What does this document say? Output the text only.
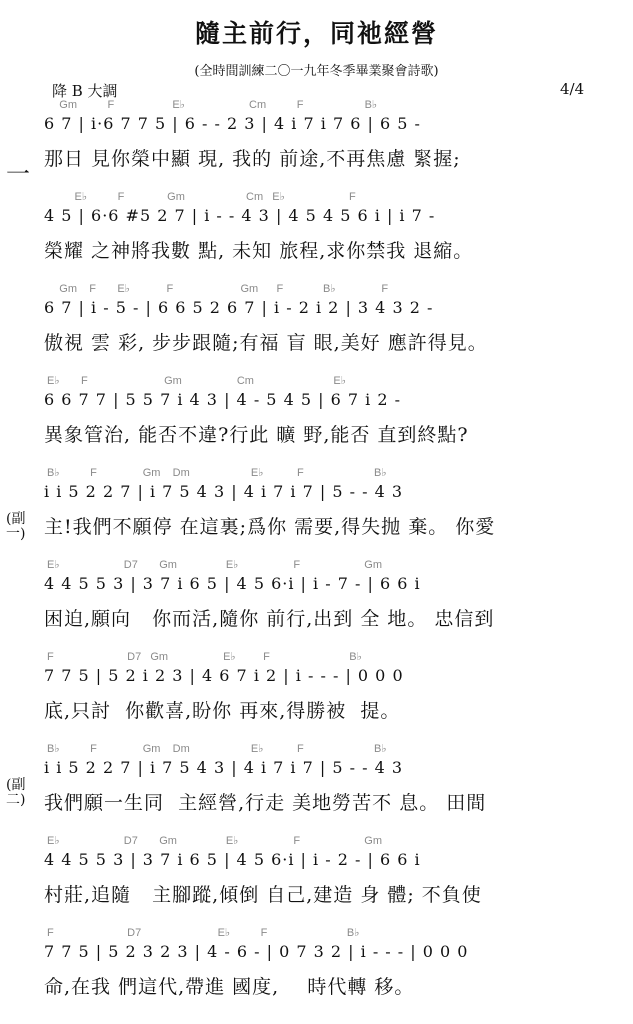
隨主前行，同祂經營
(全時間訓練二〇一九年冬季畢業聚會詩歌)
降 B 大調	4/4
一
(副一)
(副二)
Gm          F                   E♭                     Cm          F                    B♭
6 7 | i·6 7 7 5 | 6 - - 2 3 | 4 i 7 i 7 6 | 6 5 -
那日 見你榮中顯 現, 我的 前途,不再焦慮 緊握;
E♭          F              Gm                    Cm   E♭                     F
4 5 | 6·6 #5 2 7 | i - - 4 3 | 4 5 4 5 6 i | i 7 -
榮耀 之神將我數 點, 未知 旅程,求你禁我 退縮。
Gm    F       E♭            F                      Gm      F             B♭               F
6 7 | i - 5 - | 6 6 5 2 6 7 | i - 2 i 2 | 3 4 3 2 -
傲視 雲 彩, 步步跟隨;有福 盲 眼,美好 應許得見。
E♭       F                         Gm                  Cm                          E♭
6 6 7 7 | 5 5 7 i 4 3 | 4 - 5 4 5 | 6 7 i 2 -
異象管治, 能否不違?行此 曠 野,能否 直到終點?
B♭          F               Gm    Dm                    E♭           F                       B♭
i i 5 2 2 7 | i 7 5 4 3 | 4 i 7 i 7 | 5 - - 4 3
主!我們不願停 在這裏;爲你 需要,得失抛 棄。 你愛
E♭                     D7       Gm                E♭                  F                     Gm
4 4 5 5 3 | 3 7 i 6 5 | 4 5 6·i | i - 7 - | 6 6 i
困迫,願向   你而活,隨你 前行,出到 全 地。 忠信到
F                        D7   Gm                  E♭         F                          B♭
7 7 5 | 5 2 i 2 3 | 4 6 7 i 2 | i - - - | 0 0 0
底,只討  你歡喜,盼你 再來,得勝被  提。
B♭          F               Gm    Dm                    E♭           F                       B♭
i i 5 2 2 7 | i 7 5 4 3 | 4 i 7 i 7 | 5 - - 4 3
我們願一生同  主經營,行走 美地勞苦不 息。 田間
E♭                     D7       Gm                E♭                  F                     Gm
4 4 5 5 3 | 3 7 i 6 5 | 4 5 6·i | i - 2 - | 6 6 i
村莊,追隨   主腳蹤,傾倒 自己,建造 身 體; 不負使
F                        D7                         E♭          F                          B♭
7 7 5 | 5 2 3 2 3 | 4 - 6 - | 0 7 3 2 | i - - - | 0 0 0
命,在我 們這代,帶進 國度,    時代轉 移。
